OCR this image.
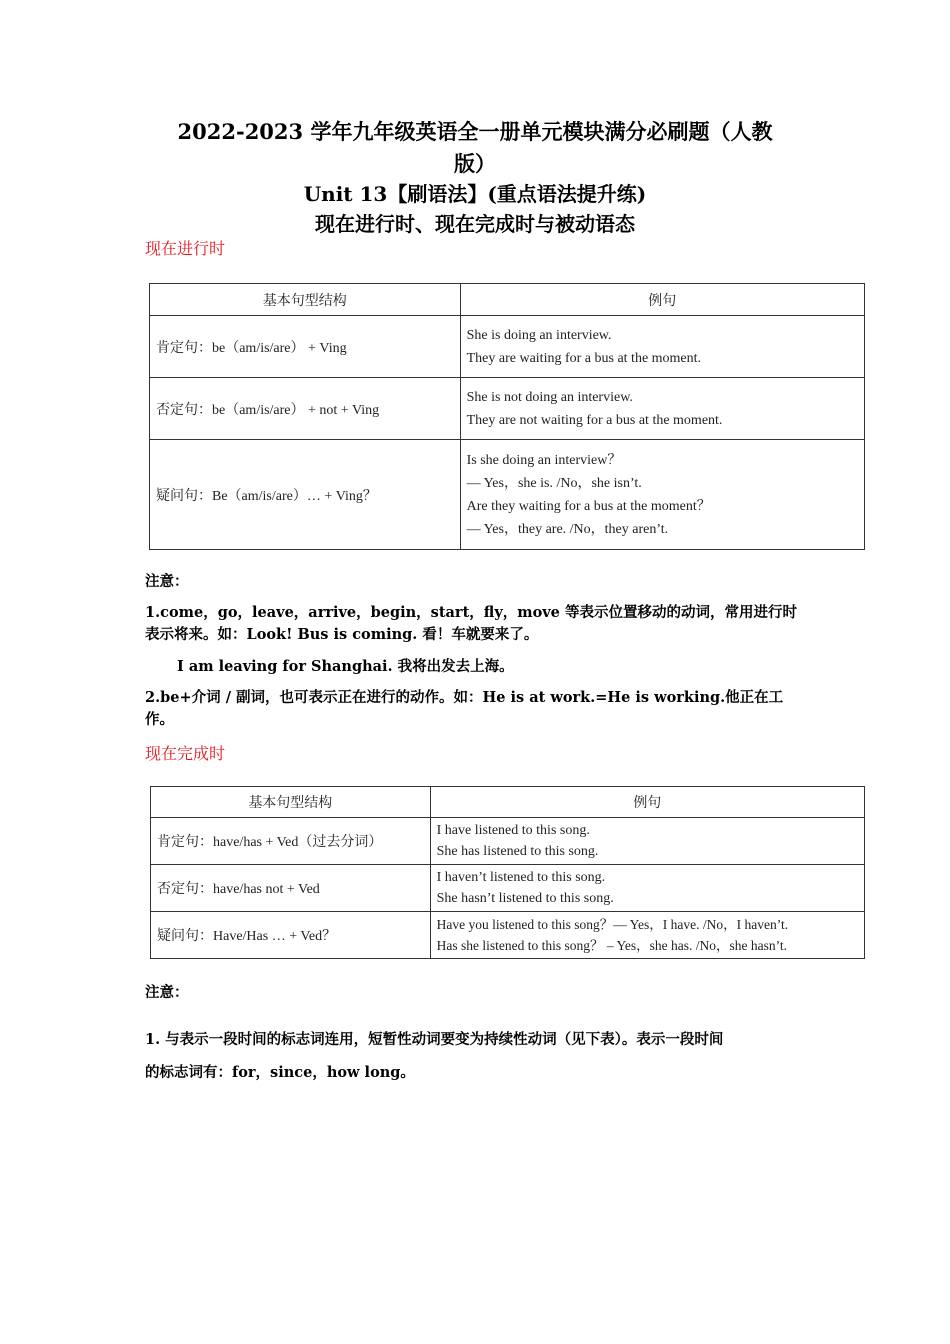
2022-2023 学年九年级英语全一册单元模块满分必刷题（人教
版）
Unit 13【刷语法】(重点语法提升练)
现在进行时、现在完成时与被动语态
现在进行时
基本句型结构	例句
肯定句：be（am/is/are） + Ving	She is doing an interview.
They are waiting for a bus at the moment.

否定句：be（am/is/are） + not + Ving	She is not doing an interview.
They are not waiting for a bus at the moment.

疑问句：Be（am/is/are）… + Ving？	Is she doing an interview？
— Yes，she is. /No，she isn’t.
Are they waiting for a bus at the moment？
— Yes，they are. /No，they aren’t.
注意：
1.come，go，leave，arrive，begin，start，fly，move 等表示位置移动的动词，常用进行时
表示将来。如：Look! Bus is coming. 看！车就要来了。
I am leaving for Shanghai. 我将出发去上海。
2.be+介词 / 副词，也可表示正在进行的动作。如：He is at work.=He is working.他正在工
作。
现在完成时
基本句型结构	例句
肯定句：have/has + Ved（过去分词）	I have listened to this song.
She has listened to this song.

否定句：have/has not + Ved	I haven’t listened to this song.
She hasn’t listened to this song.

疑问句：Have/Has … + Ved？	Have you listened to this song？— Yes，I have. /No，I haven’t.
Has she listened to this song？ – Yes，she has. /No，she hasn’t.
注意：
1. 与表示一段时间的标志词连用，短暂性动词要变为持续性动词（见下表）。表示一段时间
的标志词有：for，since，how long。
